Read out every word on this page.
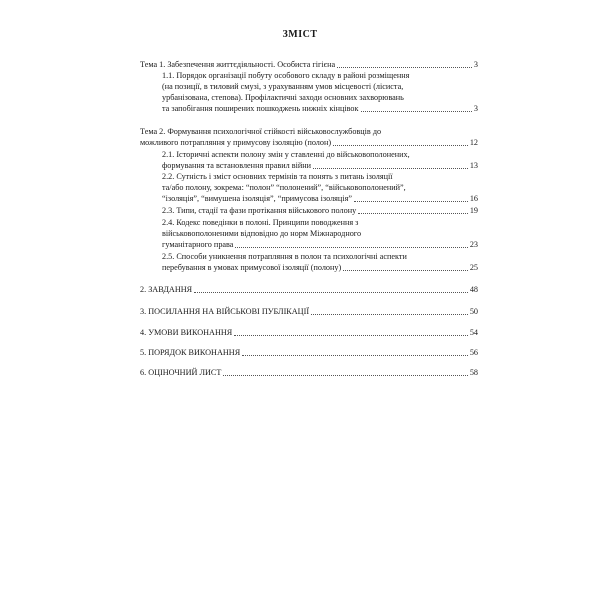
ЗМІСТ
Тема 1. Забезпечення життєдіяльності. Особиста гігієна	3
1.1. Порядок організації побуту особового складу в районі розміщення
(на позиції, в тиловий смузі, з урахуванням умов місцевості (лісиста,
урбанізована, степова). Профілактичні заходи основних захворювань
та запобігання поширених пошкоджень нижніх кінцівок	3
Тема 2. Формування психологічної стійкості військовослужбовців до
можливого потрапляння у примусову ізоляцію (полон)	12
2.1. Історичні аспекти полону змін у ставленні до військовополонених,
формування та встановлення правил війни	13
2.2. Сутність і зміст основних термінів та понять з питань ізоляції
та/або полону, зокрема: “полон” “полонений”, “військовополонений”,
“ізоляція”, “вимушена ізоляція”, “примусова ізоляція”	16
2.3. Типи, стадії та фази протікання військового полону	19
2.4. Кодекс поведінки в полоні. Принципи поводження з
військовополоненими відповідно до норм Міжнародного
гуманітарного права	23
2.5. Способи уникнення потрапляння в полон та психологічні аспекти
перебування в умовах примусової ізоляції (полону)	25
2. ЗАВДАННЯ	48
3. ПОСИЛАННЯ НА ВІЙСЬКОВІ ПУБЛІКАЦІЇ	50
4. УМОВИ ВИКОНАННЯ	54
5. ПОРЯДОК ВИКОНАННЯ	56
6. ОЦІНОЧНИЙ ЛИСТ	58
